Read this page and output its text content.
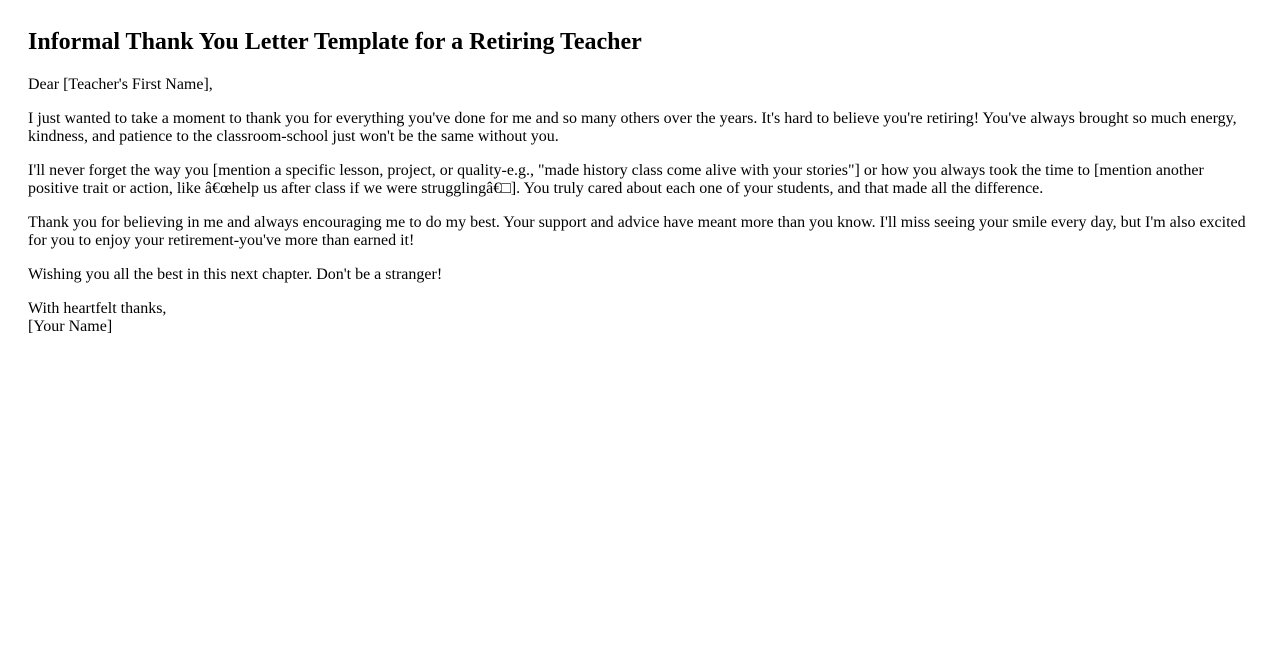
Informal Thank You Letter Template for a Retiring Teacher

Dear [Teacher's First Name],

I just wanted to take a moment to thank you for everything you've done for me and so many others over the years. It's hard to believe you're retiring! You've always brought so much energy, kindness, and patience to the classroom-school just won't be the same without you.

I'll never forget the way you [mention a specific lesson, project, or quality-e.g., "made history class come alive with your stories"] or how you always took the time to [mention another positive trait or action, like â€œhelp us after class if we were strugglingâ€□]. You truly cared about each one of your students, and that made all the difference.

Thank you for believing in me and always encouraging me to do my best. Your support and advice have meant more than you know. I'll miss seeing your smile every day, but I'm also excited for you to enjoy your retirement-you've more than earned it!

Wishing you all the best in this next chapter. Don't be a stranger!

With heartfelt thanks,
[Your Name]
